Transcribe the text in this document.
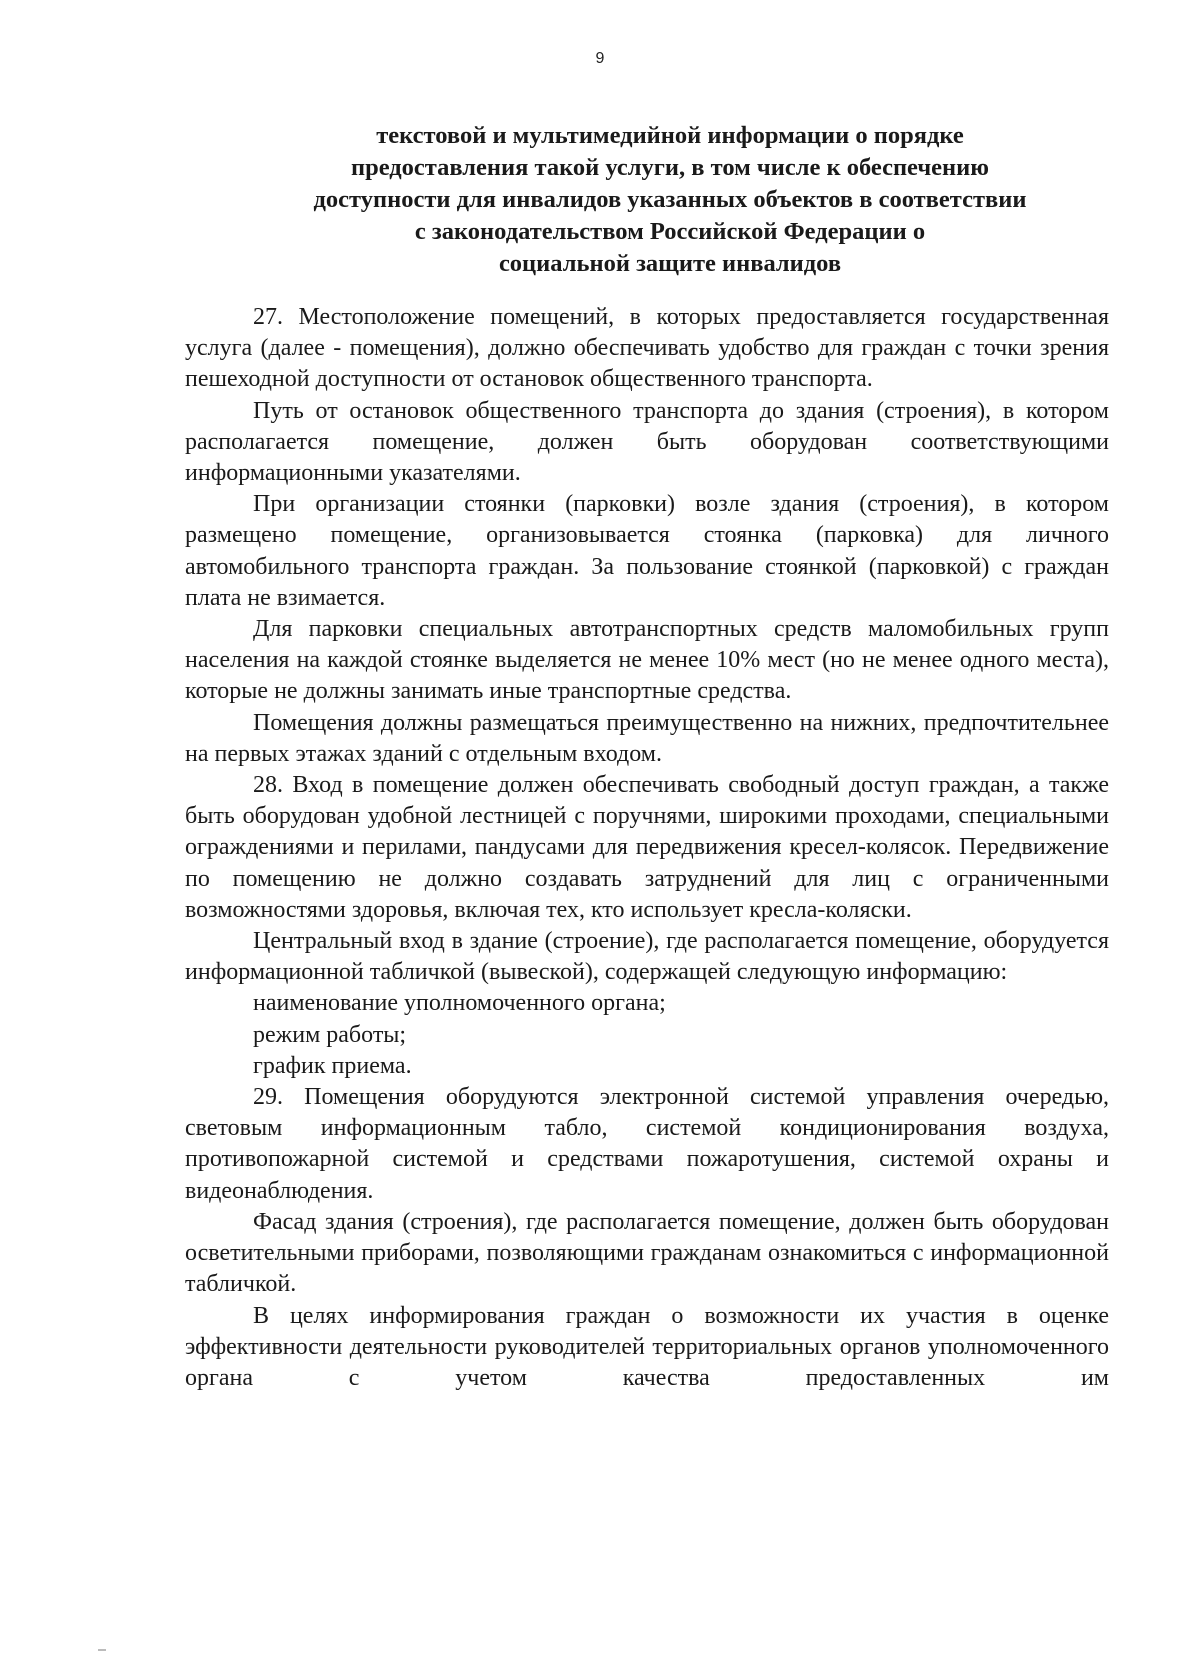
9
текстовой и мультимедийной информации о порядке
предоставления такой услуги, в том числе к обеспечению
доступности для инвалидов указанных объектов в соответствии
с законодательством Российской Федерации о
социальной защите инвалидов

27. Местоположение помещений, в которых предоставляется государственная услуга (далее - помещения), должно обеспечивать удобство для граждан с точки зрения пешеходной доступности от остановок общественного транспорта.

Путь от остановок общественного транспорта до здания (строения), в котором располагается помещение, должен быть оборудован соответствующими информационными указателями.

При организации стоянки (парковки) возле здания (строения), в котором размещено помещение, организовывается стоянка (парковка) для личного автомобильного транспорта граждан. За пользование стоянкой (парковкой) с граждан плата не взимается.

Для парковки специальных автотранспортных средств маломобильных групп населения на каждой стоянке выделяется не менее 10% мест (но не менее одного места), которые не должны занимать иные транспортные средства.

Помещения должны размещаться преимущественно на нижних, предпочтительнее на первых этажах зданий с отдельным входом.

28. Вход в помещение должен обеспечивать свободный доступ граждан, а также быть оборудован удобной лестницей с поручнями, широкими проходами, специальными ограждениями и перилами, пандусами для передвижения кресел-колясок. Передвижение по помещению не должно создавать затруднений для лиц с ограниченными возможностями здоровья, включая тех, кто использует кресла-коляски.

Центральный вход в здание (строение), где располагается помещение, оборудуется информационной табличкой (вывеской), содержащей следующую информацию:

наименование уполномоченного органа;

режим работы;

график приема.

29. Помещения оборудуются электронной системой управления очередью, световым информационным табло, системой кондиционирования воздуха, противопожарной системой и средствами пожаротушения, системой охраны и видеонаблюдения.

Фасад здания (строения), где располагается помещение, должен быть оборудован осветительными приборами, позволяющими гражданам ознакомиться с информационной табличкой.

В целях информирования граждан о возможности их участия в оценке эффективности деятельности руководителей территориальных органов уполномоченного органа с учетом качества предоставленных им
